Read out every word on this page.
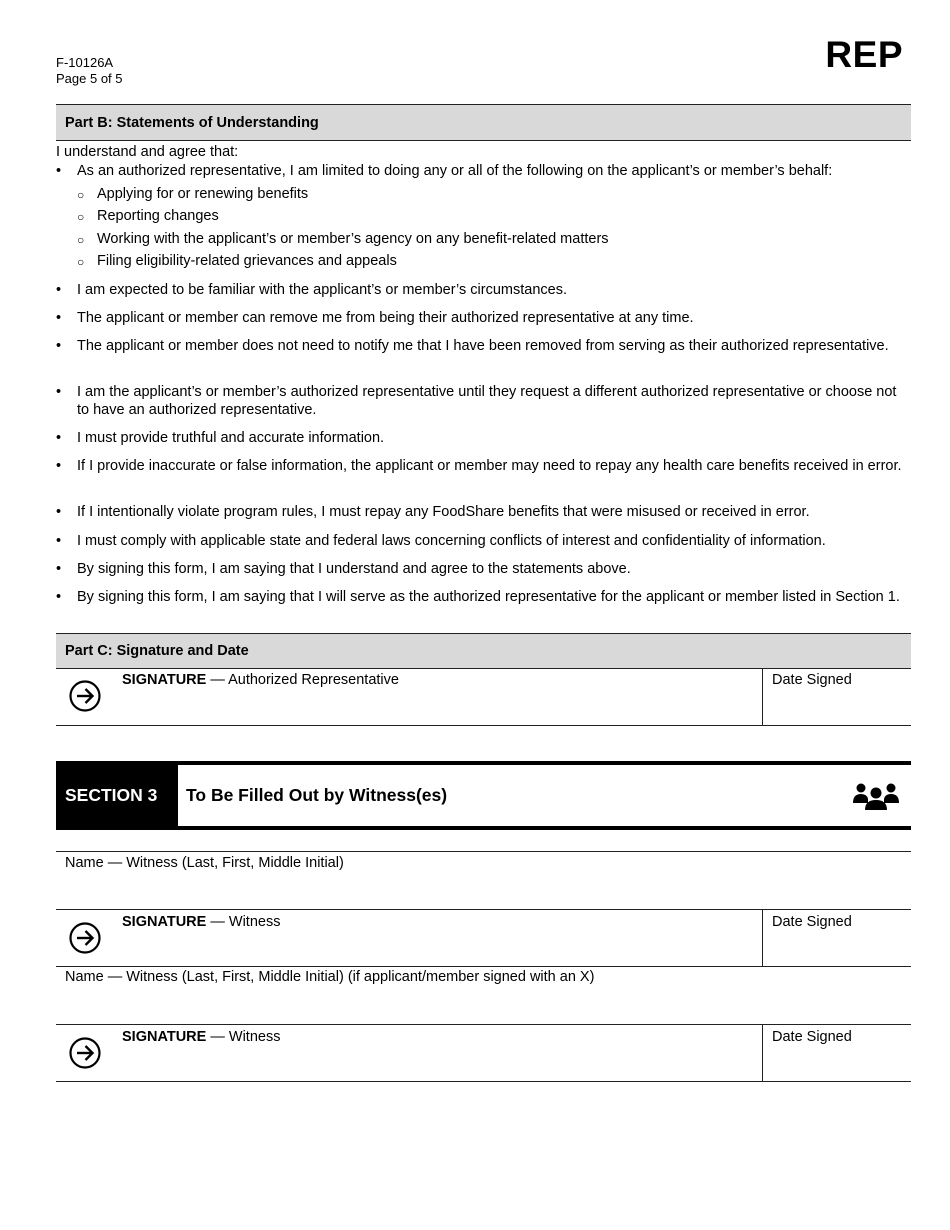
F-10126A
Page 5 of 5
REP
Part B: Statements of Understanding
I understand and agree that:
• As an authorized representative, I am limited to doing any or all of the following on the applicant’s or member’s behalf:
○ Applying for or renewing benefits
○ Reporting changes
○ Working with the applicant’s or member’s agency on any benefit-related matters
○ Filing eligibility-related grievances and appeals
• I am expected to be familiar with the applicant’s or member’s circumstances.
• The applicant or member can remove me from being their authorized representative at any time.
• The applicant or member does not need to notify me that I have been removed from serving as their authorized representative.
• I am the applicant’s or member’s authorized representative until they request a different authorized representative or choose not to have an authorized representative.
• I must provide truthful and accurate information.
• If I provide inaccurate or false information, the applicant or member may need to repay any health care benefits received in error.
• If I intentionally violate program rules, I must repay any FoodShare benefits that were misused or received in error.
• I must comply with applicable state and federal laws concerning conflicts of interest and confidentiality of information.
• By signing this form, I am saying that I understand and agree to the statements above.
• By signing this form, I am saying that I will serve as the authorized representative for the applicant or member listed in Section 1.
Part C: Signature and Date
SIGNATURE — Authorized Representative	Date Signed
SECTION 3	To Be Filled Out by Witness(es)
Name — Witness (Last, First, Middle Initial)
SIGNATURE — Witness	Date Signed
Name — Witness (Last, First, Middle Initial) (if applicant/member signed with an X)
SIGNATURE — Witness	Date Signed
